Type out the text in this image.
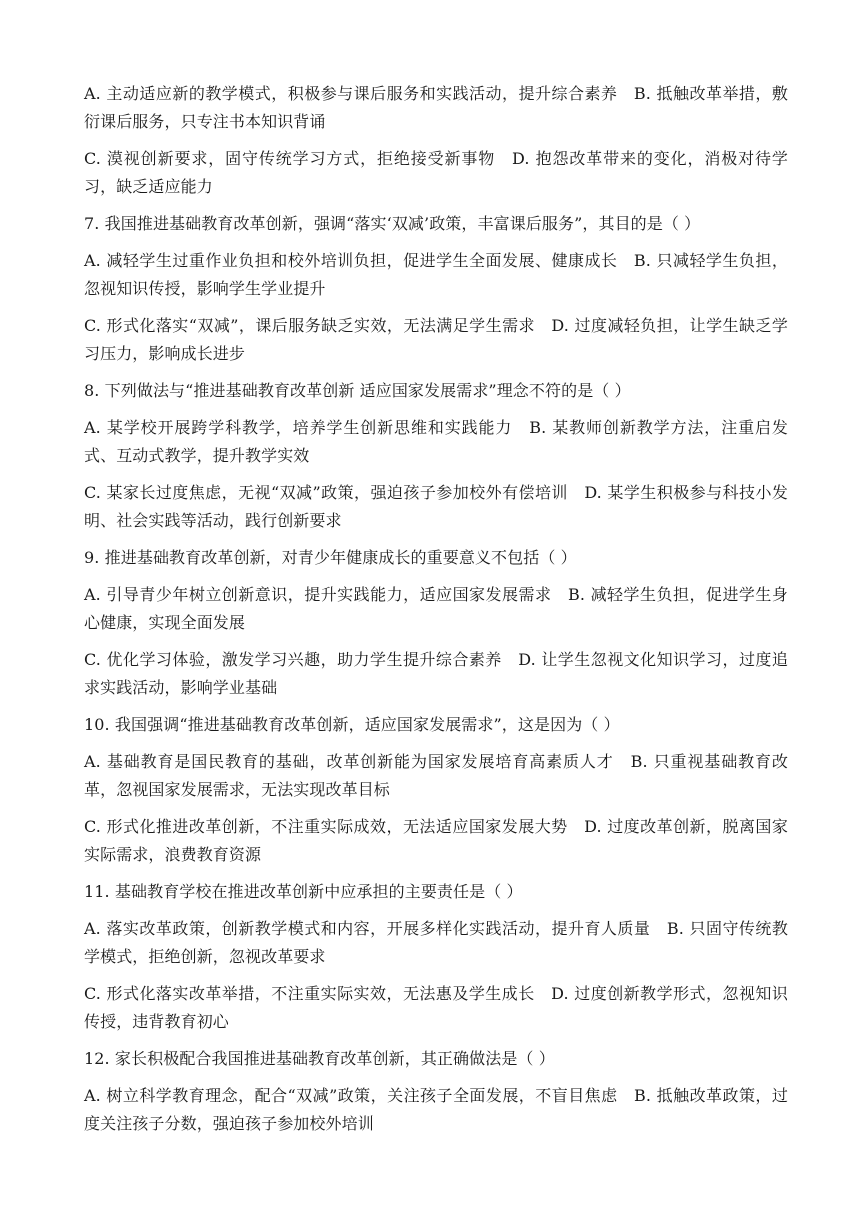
A. 主动适应新的教学模式，积极参与课后服务和实践活动，提升综合素养　B. 抵触改革举措，敷衍课后服务，只专注书本知识背诵

C. 漠视创新要求，固守传统学习方式，拒绝接受新事物　D. 抱怨改革带来的变化，消极对待学习，缺乏适应能力

7. 我国推进基础教育改革创新，强调“落实‘双减’政策，丰富课后服务”，其目的是（ ）

A. 减轻学生过重作业负担和校外培训负担，促进学生全面发展、健康成长　B. 只减轻学生负担，忽视知识传授，影响学生学业提升

C. 形式化落实“双减”，课后服务缺乏实效，无法满足学生需求　D. 过度减轻负担，让学生缺乏学习压力，影响成长进步

8. 下列做法与“推进基础教育改革创新 适应国家发展需求”理念不符的是（ ）

A. 某学校开展跨学科教学，培养学生创新思维和实践能力　B. 某教师创新教学方法，注重启发式、互动式教学，提升教学实效

C. 某家长过度焦虑，无视“双减”政策，强迫孩子参加校外有偿培训　D. 某学生积极参与科技小发明、社会实践等活动，践行创新要求

9. 推进基础教育改革创新，对青少年健康成长的重要意义不包括（ ）

A. 引导青少年树立创新意识，提升实践能力，适应国家发展需求　B. 减轻学生负担，促进学生身心健康，实现全面发展

C. 优化学习体验，激发学习兴趣，助力学生提升综合素养　D. 让学生忽视文化知识学习，过度追求实践活动，影响学业基础

10. 我国强调“推进基础教育改革创新，适应国家发展需求”，这是因为（ ）

A. 基础教育是国民教育的基础，改革创新能为国家发展培育高素质人才　B. 只重视基础教育改革，忽视国家发展需求，无法实现改革目标

C. 形式化推进改革创新，不注重实际成效，无法适应国家发展大势　D. 过度改革创新，脱离国家实际需求，浪费教育资源

11. 基础教育学校在推进改革创新中应承担的主要责任是（ ）

A. 落实改革政策，创新教学模式和内容，开展多样化实践活动，提升育人质量　B. 只固守传统教学模式，拒绝创新，忽视改革要求

C. 形式化落实改革举措，不注重实际实效，无法惠及学生成长　D. 过度创新教学形式，忽视知识传授，违背教育初心

12. 家长积极配合我国推进基础教育改革创新，其正确做法是（ ）

A. 树立科学教育理念，配合“双减”政策，关注孩子全面发展，不盲目焦虑　B. 抵触改革政策，过度关注孩子分数，强迫孩子参加校外培训
